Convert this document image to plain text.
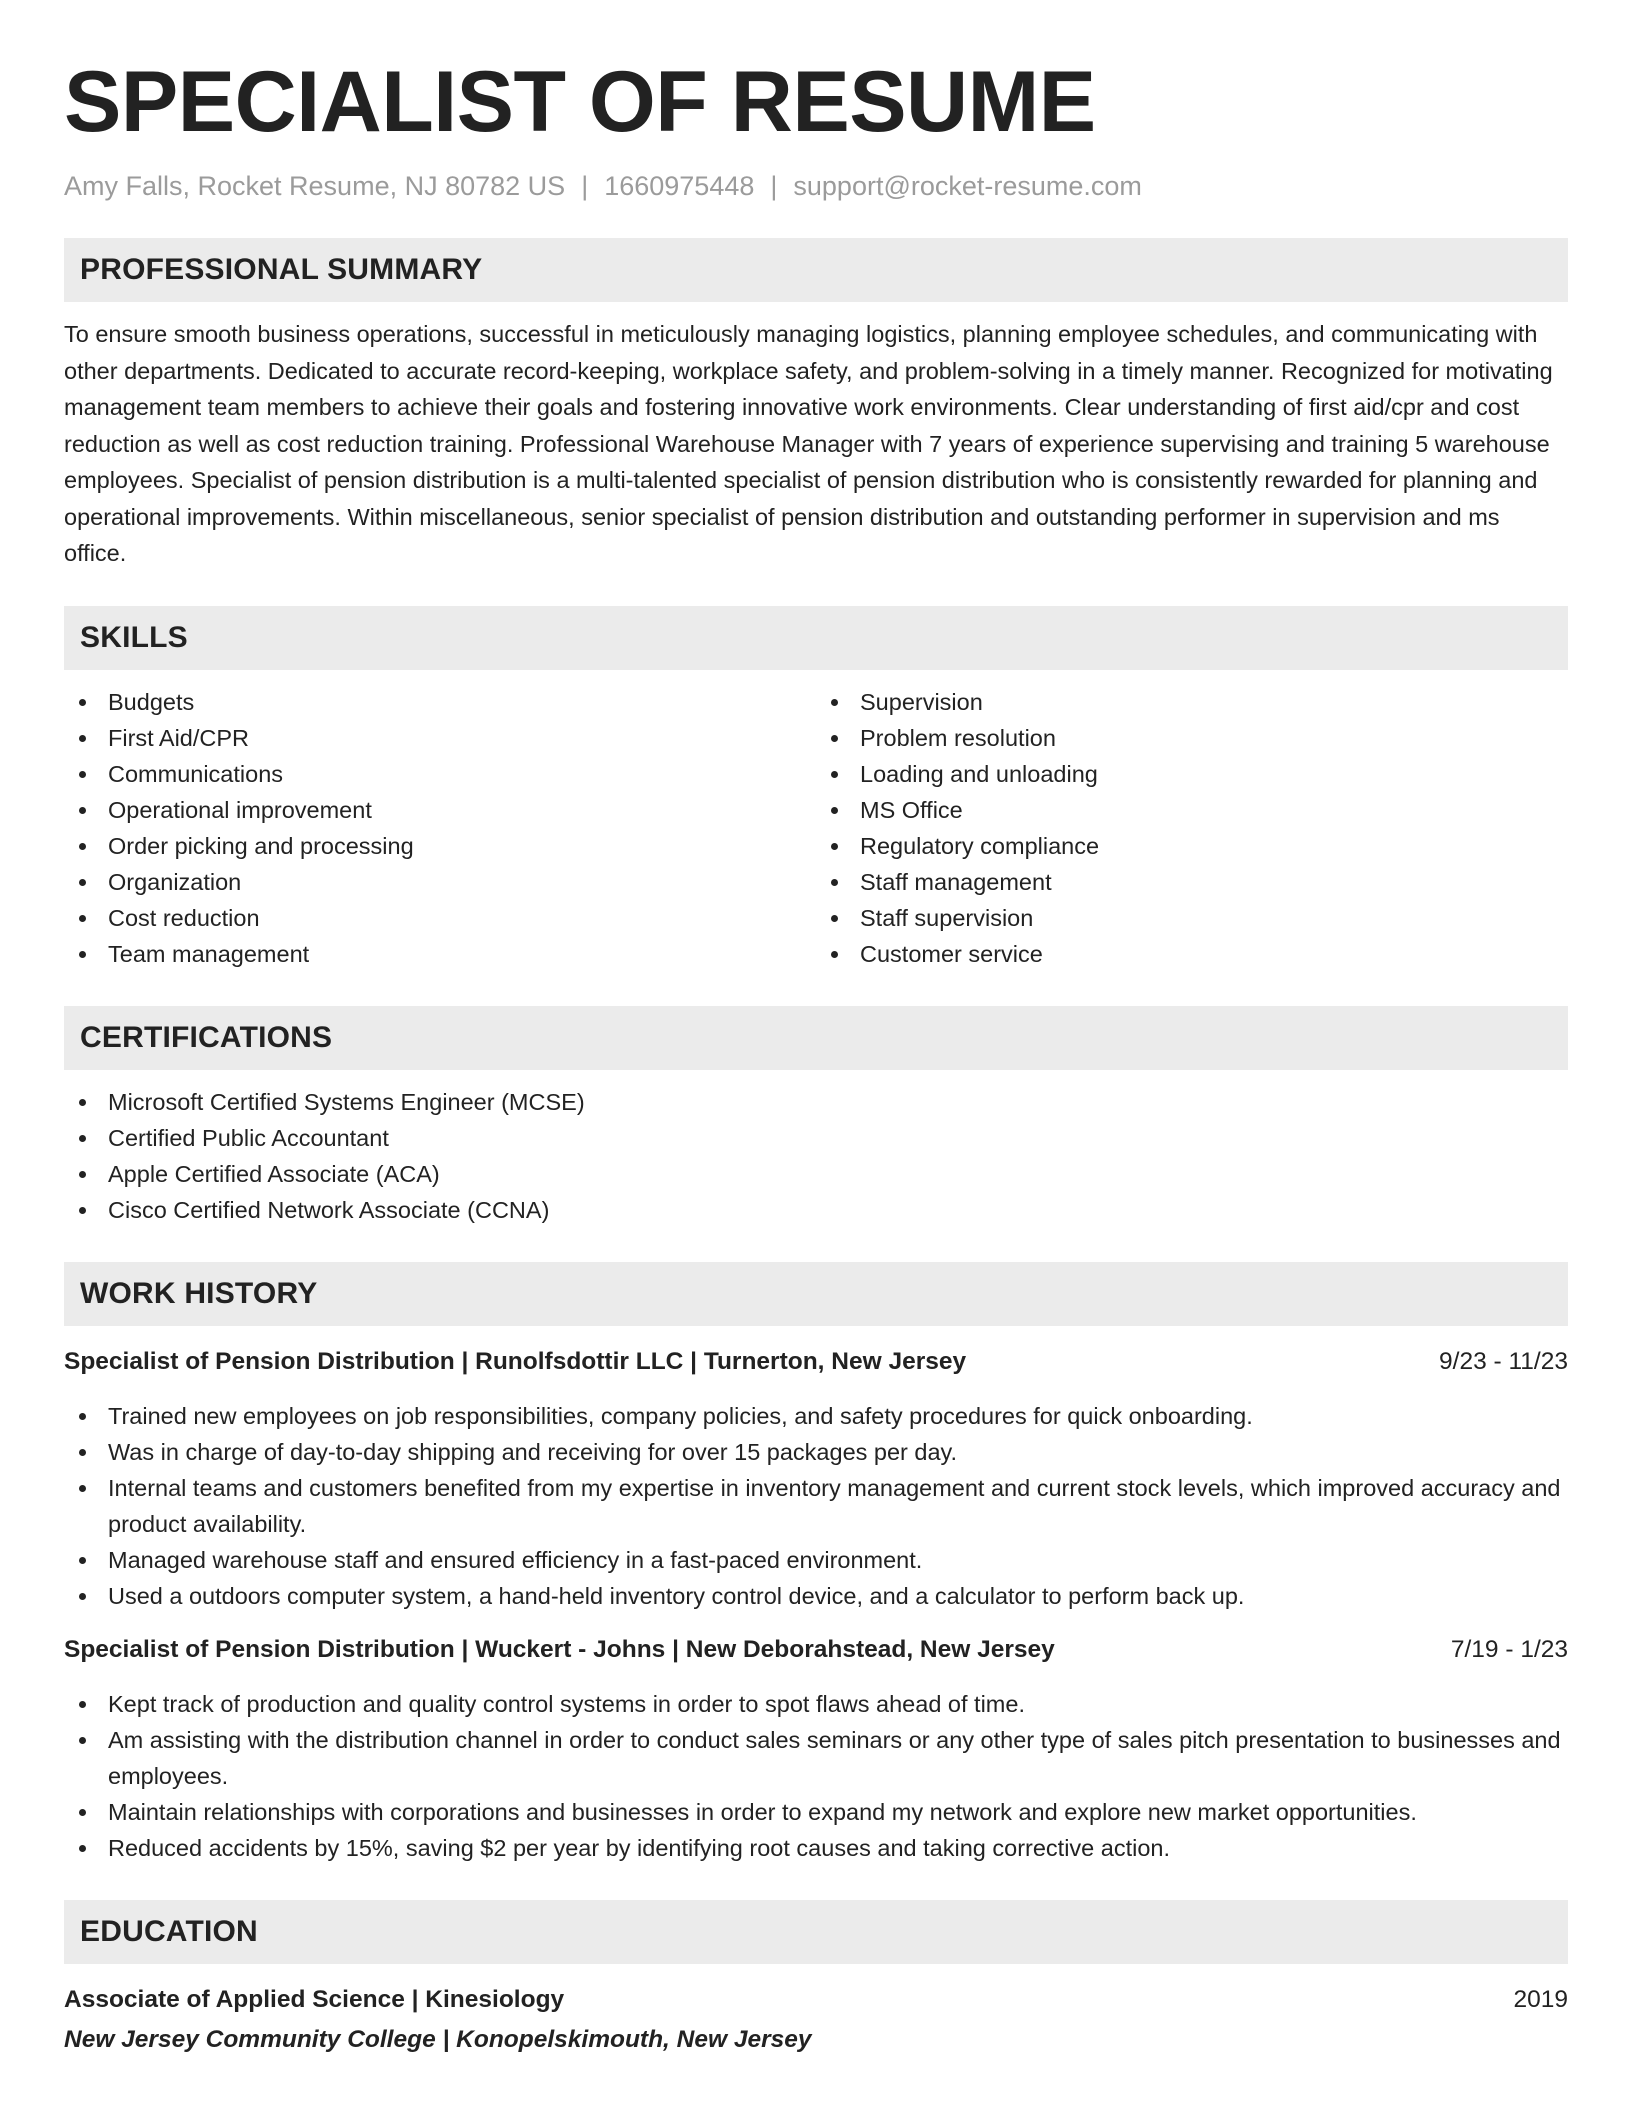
SPECIALIST OF RESUME
Amy Falls, Rocket Resume, NJ 80782 US | 1660975448 | support@rocket-resume.com
PROFESSIONAL SUMMARY

To ensure smooth business operations, successful in meticulously managing logistics, planning employee schedules, and communicating with other departments. Dedicated to accurate record-keeping, workplace safety, and problem-solving in a timely manner. Recognized for motivating management team members to achieve their goals and fostering innovative work environments. Clear understanding of first aid/cpr and cost reduction as well as cost reduction training. Professional Warehouse Manager with 7 years of experience supervising and training 5 warehouse employees. Specialist of pension distribution is a multi-talented specialist of pension distribution who is consistently rewarded for planning and operational improvements. Within miscellaneous, senior specialist of pension distribution and outstanding performer in supervision and ms office.

SKILLS
Budgets
First Aid/CPR
Communications
Operational improvement
Order picking and processing
Organization
Cost reduction
Team management
Supervision
Problem resolution
Loading and unloading
MS Office
Regulatory compliance
Staff management
Staff supervision
Customer service
CERTIFICATIONS
Microsoft Certified Systems Engineer (MCSE)
Certified Public Accountant
Apple Certified Associate (ACA)
Cisco Certified Network Associate (CCNA)
WORK HISTORY
Specialist of Pension Distribution | Runolfsdottir LLC | Turnerton, New Jersey	9/23 - 11/23
Trained new employees on job responsibilities, company policies, and safety procedures for quick onboarding.
Was in charge of day-to-day shipping and receiving for over 15 packages per day.
Internal teams and customers benefited from my expertise in inventory management and current stock levels, which improved accuracy and product availability.
Managed warehouse staff and ensured efficiency in a fast-paced environment.
Used a outdoors computer system, a hand-held inventory control device, and a calculator to perform back up.
Specialist of Pension Distribution | Wuckert - Johns | New Deborahstead, New Jersey	7/19 - 1/23
Kept track of production and quality control systems in order to spot flaws ahead of time.
Am assisting with the distribution channel in order to conduct sales seminars or any other type of sales pitch presentation to businesses and employees.
Maintain relationships with corporations and businesses in order to expand my network and explore new market opportunities.
Reduced accidents by 15%, saving $2 per year by identifying root causes and taking corrective action.
EDUCATION
Associate of Applied Science | Kinesiology	2019
New Jersey Community College | Konopelskimouth, New Jersey
